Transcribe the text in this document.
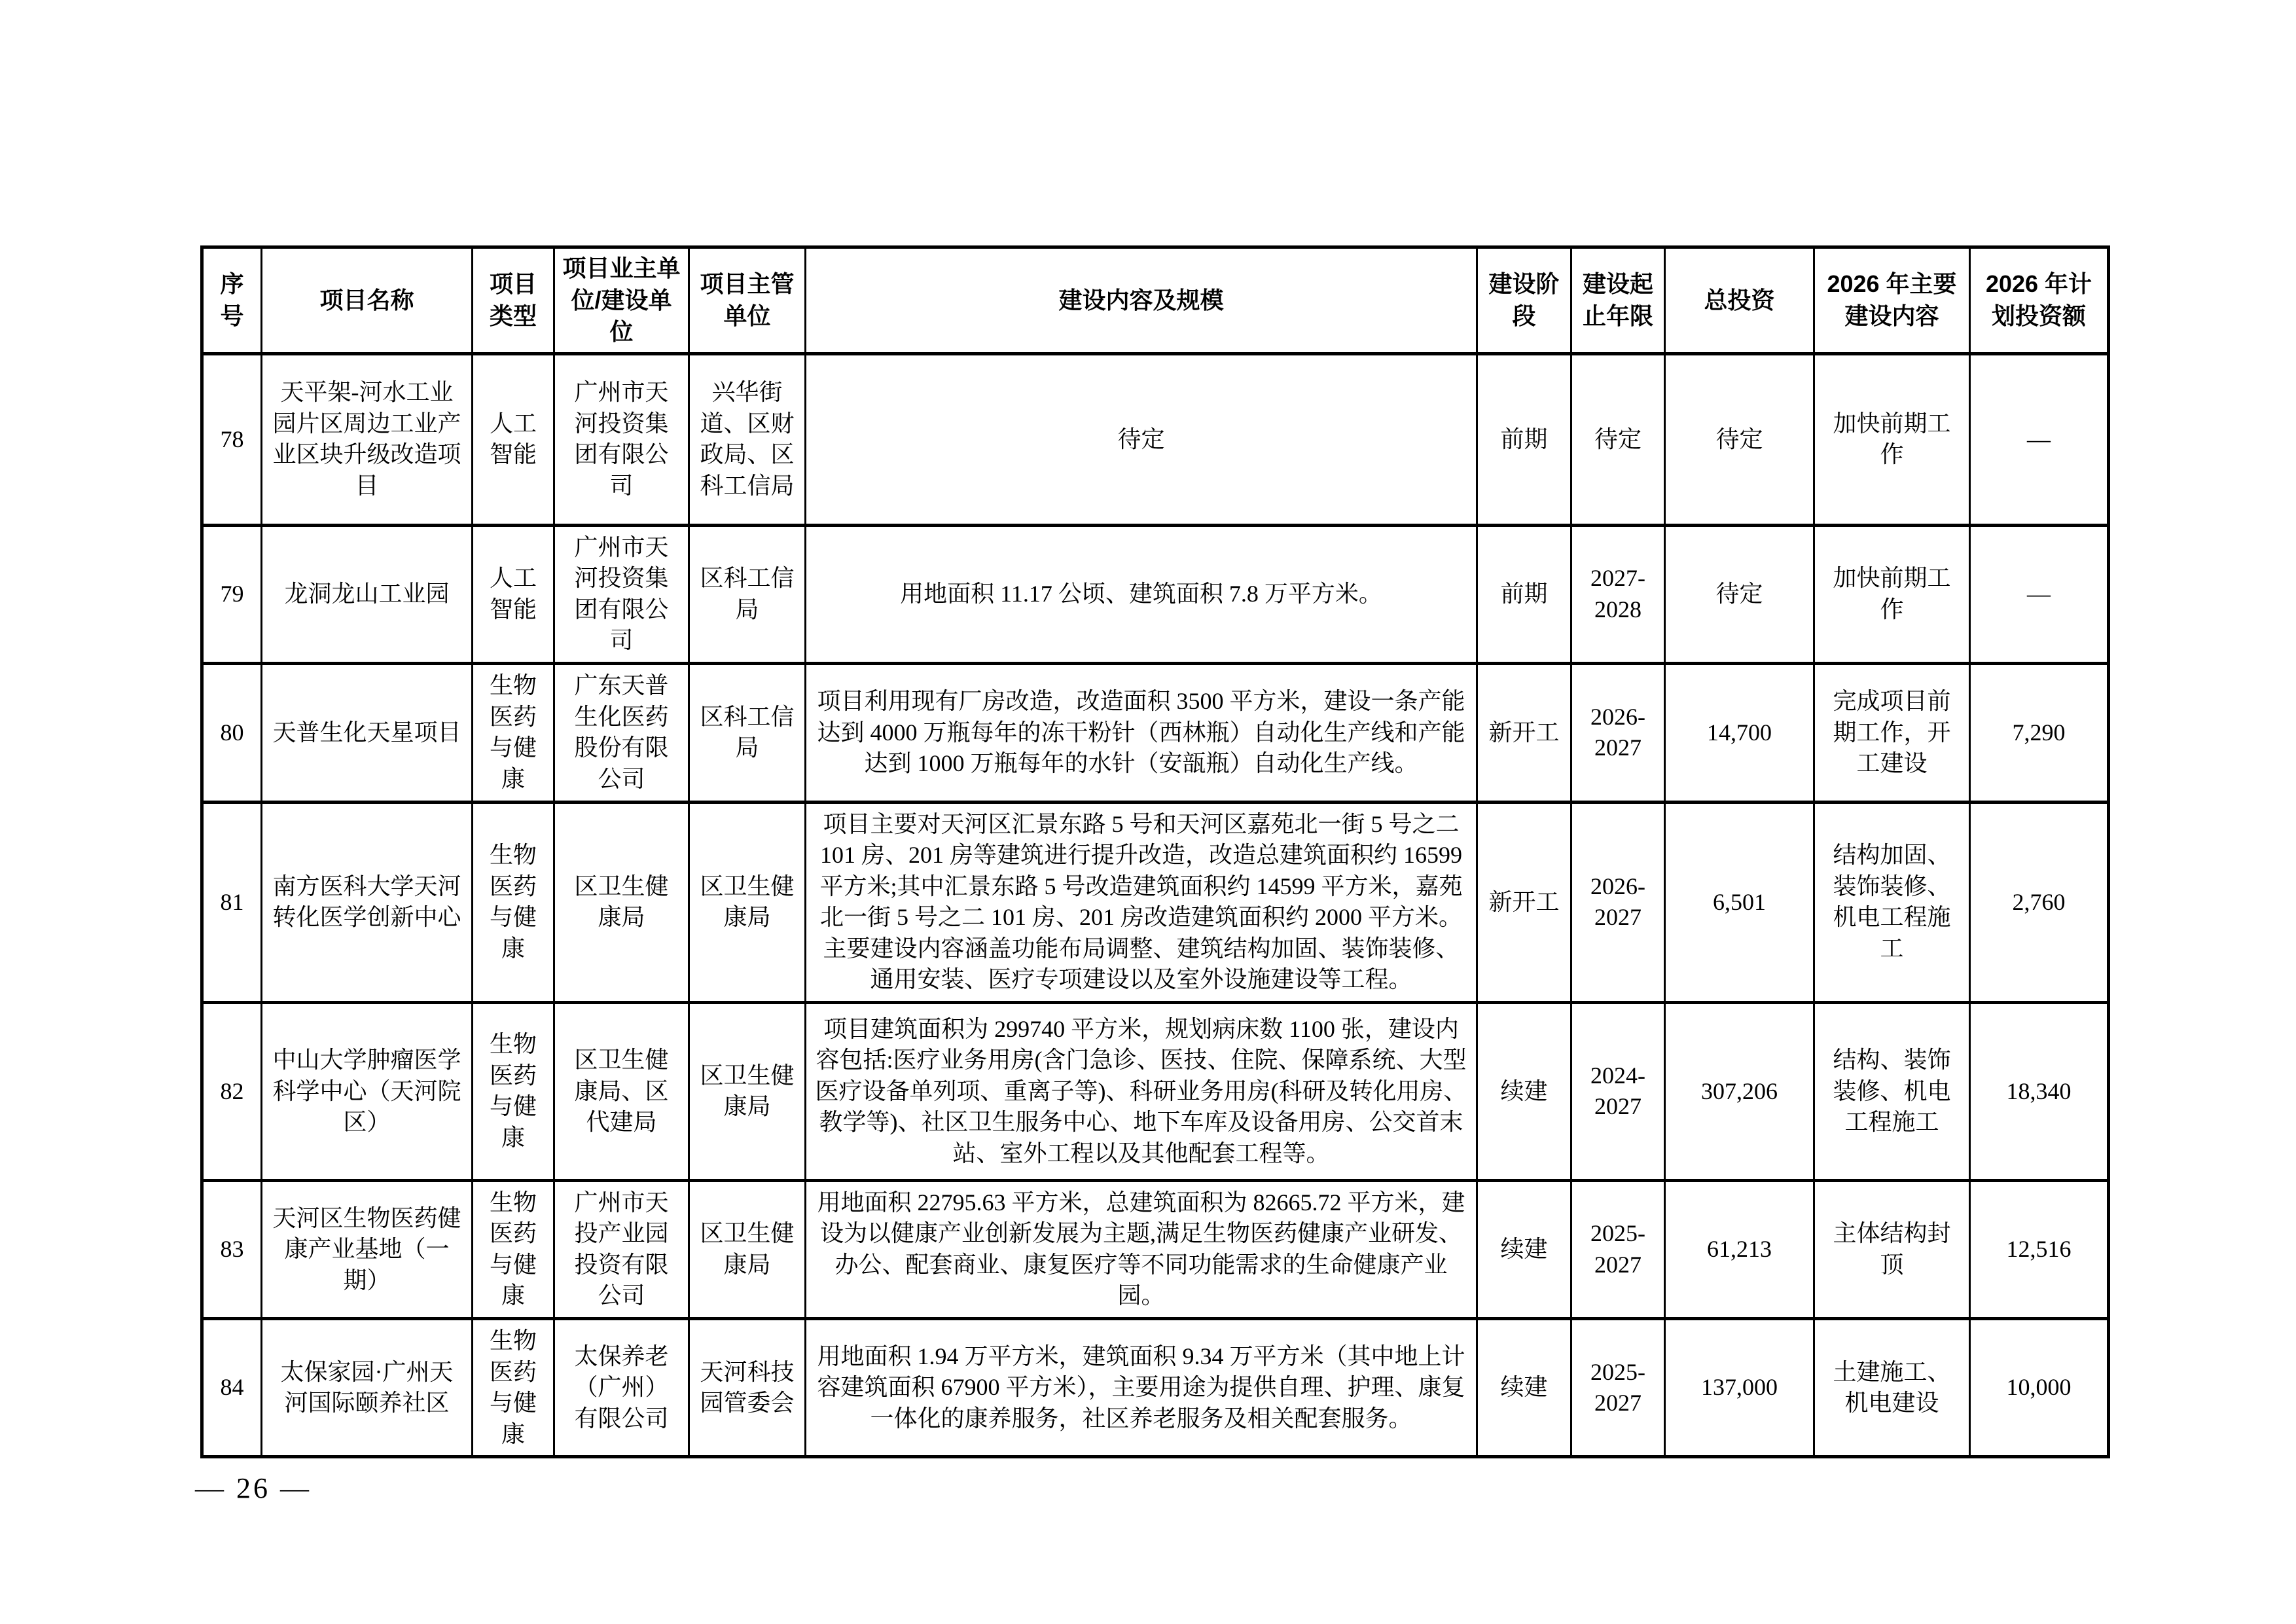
序号	项目名称	项目类型	项目业主单位/建设单位	项目主管单位	建设内容及规模	建设阶段	建设起止年限	总投资	2026 年主要建设内容	2026 年计划投资额
78	天平架-河水工业园片区周边工业产业区块升级改造项目	人工智能	广州市天河投资集团有限公司	兴华街道、区财政局、区科工信局	待定	前期	待定	待定	加快前期工作	—
79	龙洞龙山工业园	人工智能	广州市天河投资集团有限公司	区科工信局	用地面积 11.17 公顷、建筑面积 7.8 万平方米。	前期	2027-2028	待定	加快前期工作	—
80	天普生化天星项目	生物医药与健康	广东天普生化医药股份有限公司	区科工信局	项目利用现有厂房改造，改造面积 3500 平方米，建设一条产能达到 4000 万瓶每年的冻干粉针（西林瓶）自动化生产线和产能达到 1000 万瓶每年的水针（安瓿瓶）自动化生产线。	新开工	2026-2027	14,700	完成项目前期工作，开工建设	7,290
81	南方医科大学天河转化医学创新中心	生物医药与健康	区卫生健康局	区卫生健康局	项目主要对天河区汇景东路 5 号和天河区嘉苑北一街 5 号之二 101 房、201 房等建筑进行提升改造，改造总建筑面积约 16599 平方米;其中汇景东路 5 号改造建筑面积约 14599 平方米，嘉苑北一街 5 号之二 101 房、201 房改造建筑面积约 2000 平方米。主要建设内容涵盖功能布局调整、建筑结构加固、装饰装修、通用安装、医疗专项建设以及室外设施建设等工程。	新开工	2026-2027	6,501	结构加固、装饰装修、机电工程施工	2,760
82	中山大学肿瘤医学科学中心（天河院区）	生物医药与健康	区卫生健康局、区代建局	区卫生健康局	项目建筑面积为 299740 平方米，规划病床数 1100 张，建设内容包括:医疗业务用房(含门急诊、医技、住院、保障系统、大型医疗设备单列项、重离子等)、科研业务用房(科研及转化用房、教学等)、社区卫生服务中心、地下车库及设备用房、公交首末站、室外工程以及其他配套工程等。	续建	2024-2027	307,206	结构、装饰装修、机电工程施工	18,340
83	天河区生物医药健康产业基地（一期）	生物医药与健康	广州市天投产业园投资有限公司	区卫生健康局	用地面积 22795.63 平方米，总建筑面积为 82665.72 平方米，建设为以健康产业创新发展为主题,满足生物医药健康产业研发、办公、配套商业、康复医疗等不同功能需求的生命健康产业园。	续建	2025-2027	61,213	主体结构封顶	12,516
84	太保家园·广州天河国际颐养社区	生物医药与健康	太保养老（广州）有限公司	天河科技园管委会	用地面积 1.94 万平方米，建筑面积 9.34 万平方米（其中地上计容建筑面积 67900 平方米），主要用途为提供自理、护理、康复一体化的康养服务，社区养老服务及相关配套服务。	续建	2025-2027	137,000	土建施工、机电建设	10,000
— 26 —
